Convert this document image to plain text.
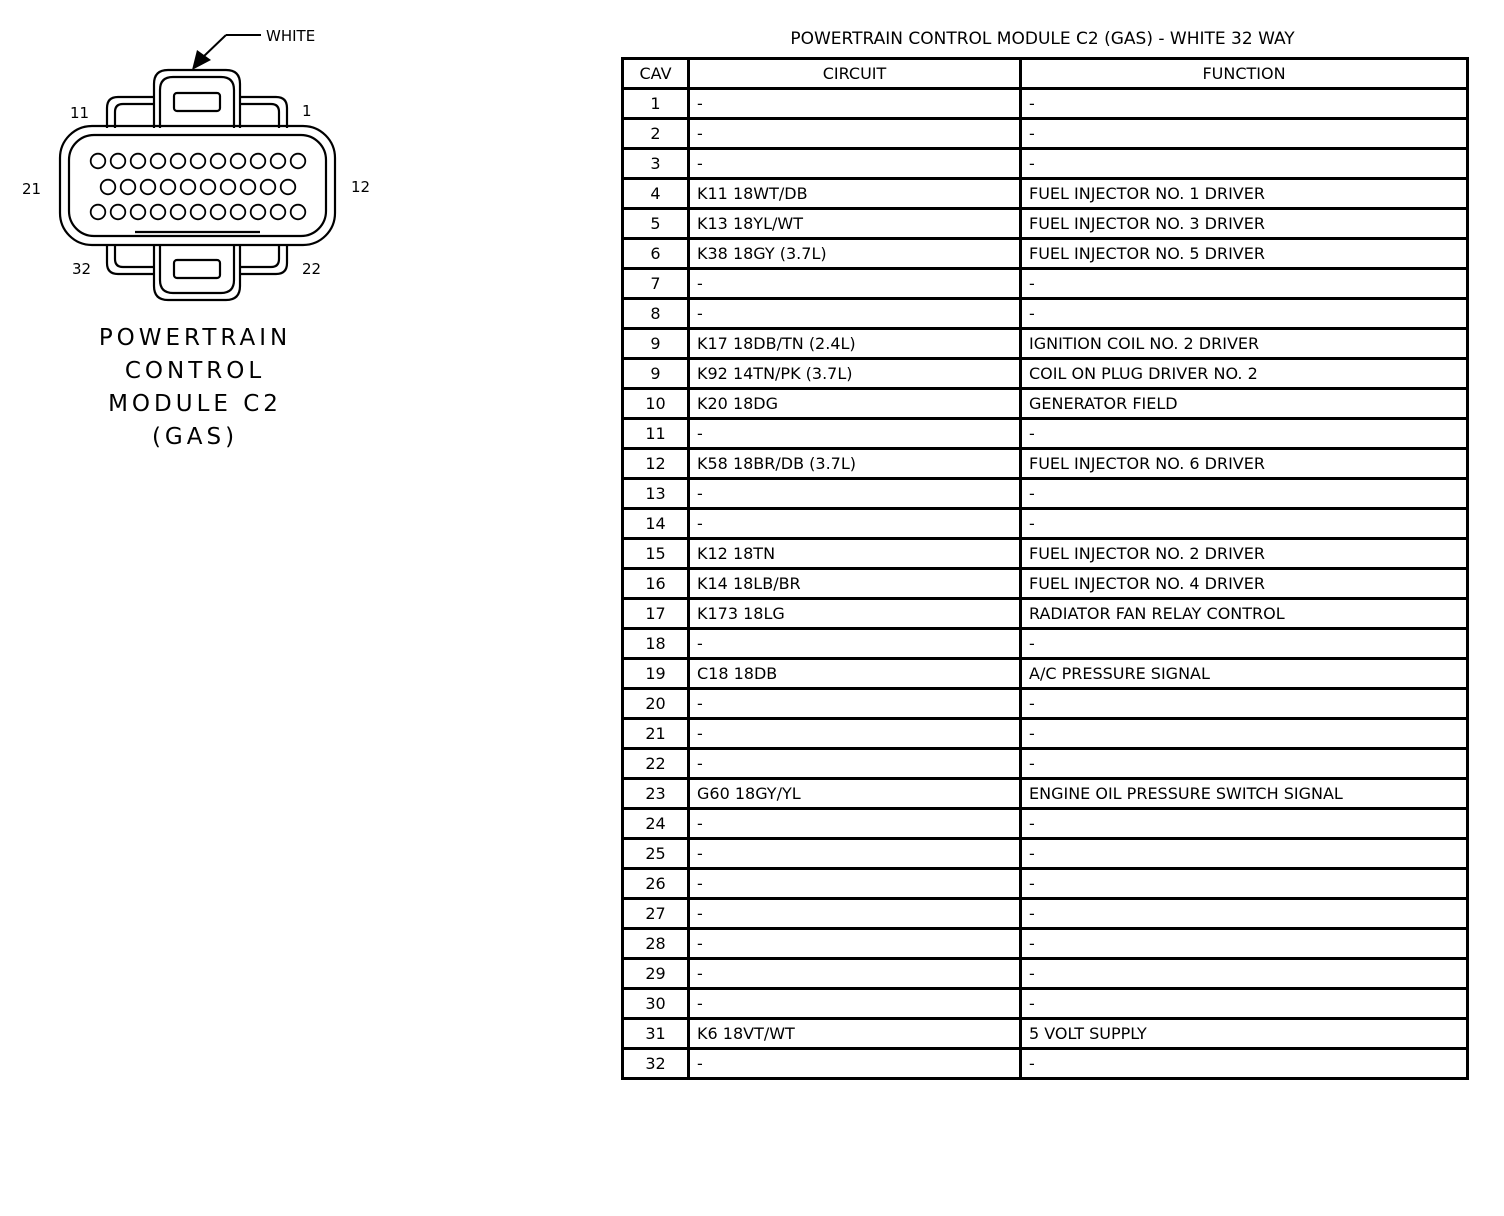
WHITE
11	1
21	12
32	22
POWERTRAIN
CONTROL
MODULE C2
(GAS)
POWERTRAIN CONTROL MODULE C2 (GAS) - WHITE 32 WAY
CAV	CIRCUIT	FUNCTION
1	-	-
2	-	-
3	-	-
4	K11 18WT/DB	FUEL INJECTOR NO. 1 DRIVER
5	K13 18YL/WT	FUEL INJECTOR NO. 3 DRIVER
6	K38 18GY (3.7L)	FUEL INJECTOR NO. 5 DRIVER
7	-	-
8	-	-
9	K17 18DB/TN (2.4L)	IGNITION COIL NO. 2 DRIVER
9	K92 14TN/PK (3.7L)	COIL ON PLUG DRIVER NO. 2
10	K20 18DG	GENERATOR FIELD
11	-	-
12	K58 18BR/DB (3.7L)	FUEL INJECTOR NO. 6 DRIVER
13	-	-
14	-	-
15	K12 18TN	FUEL INJECTOR NO. 2 DRIVER
16	K14 18LB/BR	FUEL INJECTOR NO. 4 DRIVER
17	K173 18LG	RADIATOR FAN RELAY CONTROL
18	-	-
19	C18 18DB	A/C PRESSURE SIGNAL
20	-	-
21	-	-
22	-	-
23	G60 18GY/YL	ENGINE OIL PRESSURE SWITCH SIGNAL
24	-	-
25	-	-
26	-	-
27	-	-
28	-	-
29	-	-
30	-	-
31	K6 18VT/WT	5 VOLT SUPPLY
32	-	-
